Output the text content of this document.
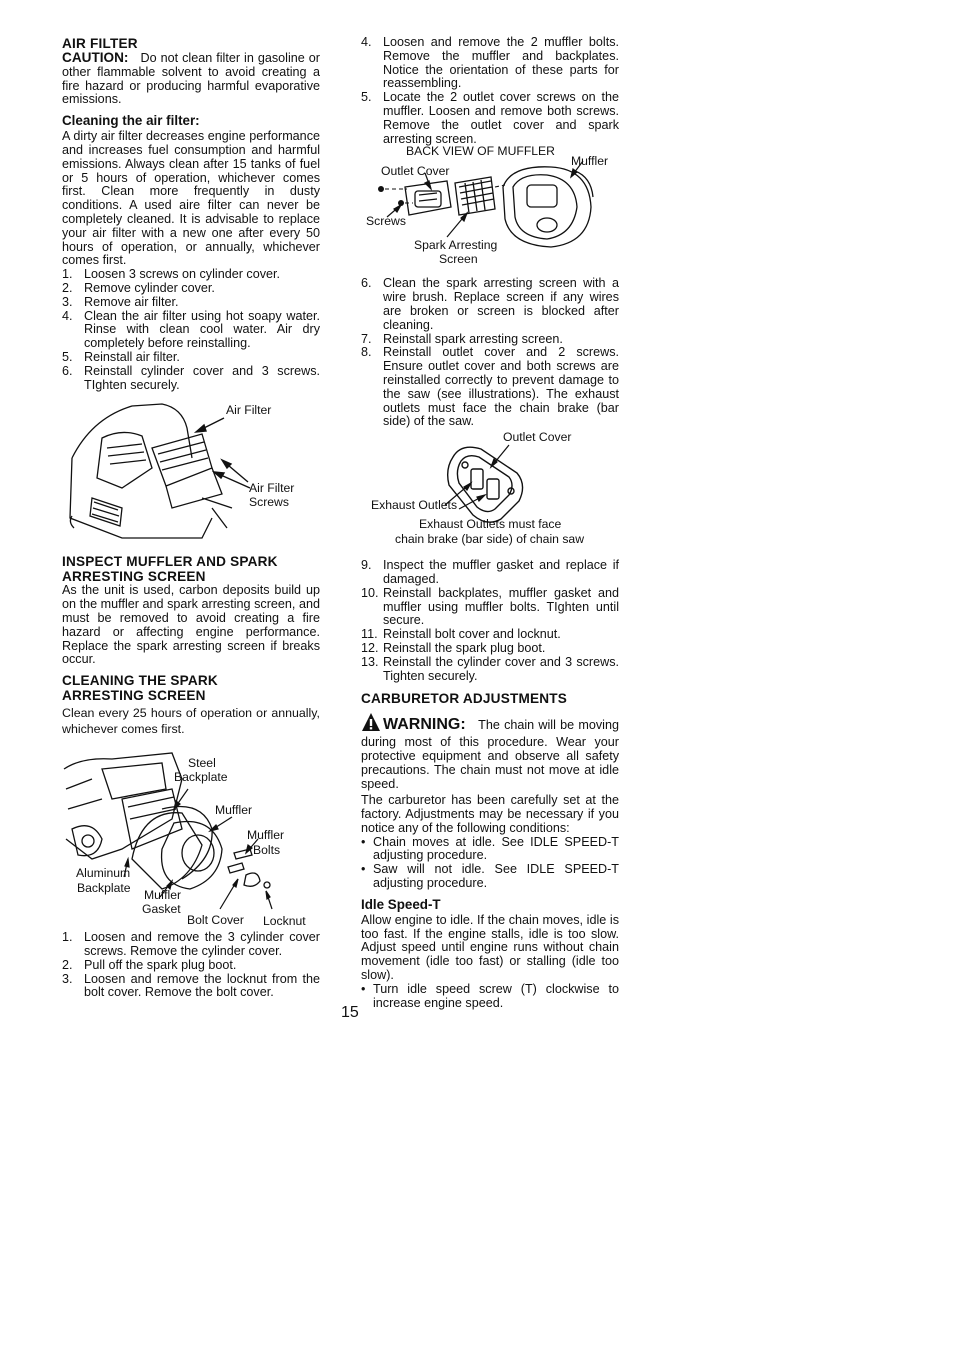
AIR FILTER

CAUTION: Do not clean filter in gasoline or other flammable solvent to avoid creating a fire hazard or producing harmful evaporative emissions.

Cleaning the air filter:

A dirty air filter decreases engine performance and increases fuel consumption and harmful emissions. Always clean after 15 tanks of fuel or 5 hours of operation, whichever comes first. Clean more frequently in dusty conditions. A used aire filter can never be completely cleaned. It is advisable to replace your air filter with a new one after every 50 hours of operation, or annually, whichever comes first.

1. Loosen 3 screws on cylinder cover.
2. Remove cylinder cover.
3. Remove air filter.
4. Clean the air filter using hot soapy water. Rinse with clean cool water. Air dry completely before reinstalling.
5. Reinstall air filter.
6. Reinstall cylinder cover and 3 screws. TIghten securely.
Air Filter
Air Filter
Screws
INSPECT MUFFLER AND SPARK
ARRESTING SCREEN

As the unit is used, carbon deposits build up on the muffler and spark arresting screen, and must be removed to avoid creating a fire hazard or affecting engine performance. Replace the spark arresting screen if breaks occur.

CLEANING THE SPARK
ARRESTING SCREEN

Clean every 25 hours of operation or annually, whichever comes first.

Steel
Backplate
Muffler
Muffler
Bolts
Aluminum
Backplate Muffler
Gasket
Bolt Cover Locknut
1. Loosen and remove the 3 cylinder cover screws. Remove the cylinder cover.
2. Pull off the spark plug boot.
3. Loosen and remove the locknut from the bolt cover. Remove the bolt cover.
4. Loosen and remove the 2 muffler bolts. Remove the muffler and backplates. Notice the orientation of these parts for reassembling.
5. Locate the 2 outlet cover screws on the muffler. Loosen and remove both screws. Remove the outlet cover and spark arresting screen.
BACK VIEW OF MUFFLER
Outlet Cover
Muffler
Screws
Spark Arresting
Screen
6. Clean the spark arresting screen with a wire brush. Replace screen if any wires are broken or screen is blocked after cleaning.
7. Reinstall spark arresting screen.
8. Reinstall outlet cover and 2 screws. Ensure outlet cover and both screws are reinstalled correctly to prevent damage to the saw (see illustrations). The exhaust outlets must face the chain brake (bar side) of the saw.
Outlet Cover
Exhaust Outlets
Exhaust Outlets must face
chain brake (bar side) of chain saw
9. Inspect the muffler gasket and replace if damaged.
10. Reinstall backplates, muffler gasket and muffler using muffler bolts. TIghten until secure.
11. Reinstall bolt cover and locknut.
12. Reinstall the spark plug boot.
13. Reinstall the cylinder cover and 3 screws. Tighten securely.
CARBURETOR ADJUSTMENTS

WARNING: The chain will be moving during most of this procedure. Wear your protective equipment and observe all safety precautions. The chain must not move at idle speed.

The carburetor has been carefully set at the factory. Adjustments may be necessary if you notice any of the following conditions:

• Chain moves at idle. See IDLE SPEED-T adjusting procedure.
• Saw will not idle. See IDLE SPEED-T adjusting procedure.
Idle Speed-T

Allow engine to idle. If the chain moves, idle is too fast. If the engine stalls, idle is too slow. Adjust speed until engine runs without chain movement (idle too fast) or stalling (idle too slow).

• Turn idle speed screw (T) clockwise to increase engine speed.
15
